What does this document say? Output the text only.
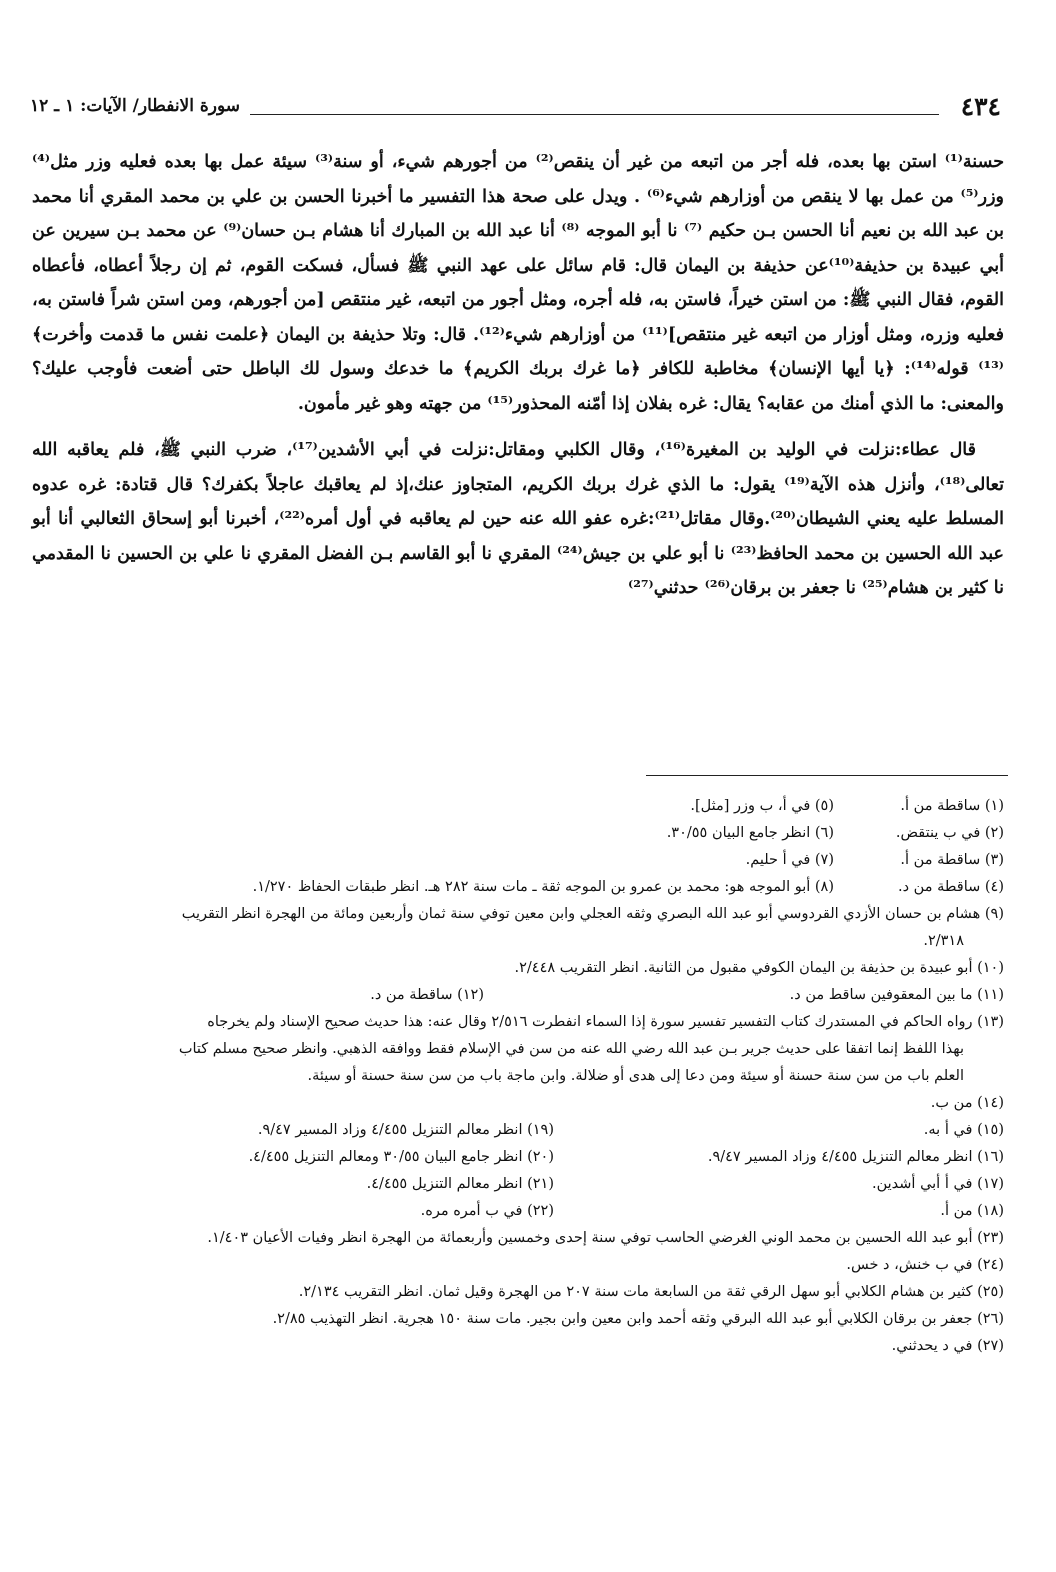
٤٣٤
سورة الانفطار/ الآيات: ١ ـ ١٢

حسنة⁽¹⁾ استن بها بعده، فله أجر من اتبعه من غير أن ينقص⁽²⁾ من أجورهم شيء، أو سنة⁽³⁾ سيئة عمل بها بعده فعليه وزر مثل⁽⁴⁾ وزر⁽⁵⁾ من عمل بها لا ينقص من أوزارهم شيء⁽⁶⁾ . ويدل على صحة هذا التفسير ما أخبرنا الحسن بن علي بن محمد المقري أنا محمد بن عبد الله بن نعيم أنا الحسن بـن حكيم ⁽⁷⁾ نا أبو الموجه ⁽⁸⁾ أنا عبد الله بن المبارك أنا هشام بـن حسان⁽⁹⁾ عن محمد بـن سيرين عن أبي عبيدة بن حذيفة⁽¹⁰⁾عن حذيفة بن اليمان قال: قام سائل على عهد النبي ﷺ فسأل، فسكت القوم، ثم إن رجلاً أعطاه، فأعطاه القوم، فقال النبي ﷺ: من استن خيراً، فاستن به، فله أجره، ومثل أجور من اتبعه، غير منتقص [من أجورهم، ومن استن شراً فاستن به، فعليه وزره، ومثل أوزار من اتبعه غير منتقص]⁽¹¹⁾ من أوزارهم شيء⁽¹²⁾. قال: وتلا حذيفة بن اليمان ﴿علمت نفس ما قدمت وأخرت﴾⁽¹³⁾ قوله⁽¹⁴⁾: ﴿يا أيها الإنسان﴾ مخاطبة للكافر ﴿ما غرك بربك الكريم﴾ ما خدعك وسول لك الباطل حتى أضعت فأوجب عليك؟ والمعنى: ما الذي أمنك من عقابه؟ يقال: غره بفلان إذا أمّنه المحذور⁽¹⁵⁾ من جهته وهو غير مأمون.

قال عطاء:نزلت في الوليد بن المغيرة⁽¹⁶⁾، وقال الكلبي ومقاتل:نزلت في أبي الأشدين⁽¹⁷⁾، ضرب النبي ﷺ، فلم يعاقبه الله تعالى⁽¹⁸⁾، وأنزل هذه الآية⁽¹⁹⁾ يقول: ما الذي غرك بربك الكريم، المتجاوز عنك،إذ لم يعاقبك عاجلاً بكفرك؟ قال قتادة: غره عدوه المسلط عليه يعني الشيطان⁽²⁰⁾.وقال مقاتل⁽²¹⁾:غره عفو الله عنه حين لم يعاقبه في أول أمره⁽²²⁾، أخبرنا أبو إسحاق الثعالبي أنا أبو عبد الله الحسين بن محمد الحافظ⁽²³⁾ نا أبو علي بن جيش⁽²⁴⁾ المقري نا أبو القاسم بـن الفضل المقري نا علي بن الحسين نا المقدمي نا كثير بن هشام⁽²⁵⁾ نا جعفر بن برقان⁽²⁶⁾ حدثني⁽²⁷⁾

(١) ساقطة من أ.
(٥) في أ، ب وزر [مثل].
(٢) في ب ينتقض.
(٦) انظر جامع البيان ٣٠/٥٥.
(٣) ساقطة من أ.
(٧) في أ حليم.
(٤) ساقطة من د.
(٨) أبو الموجه هو: محمد بن عمرو بن الموجه ثقة ـ مات سنة ٢٨٢ هـ. انظر طبقات الحفاظ ١/٢٧٠.
(٩) هشام بن حسان الأزدي القردوسي أبو عبد الله البصري وثقه العجلي وابن معين توفي سنة ثمان وأربعين ومائة من الهجرة انظر التقريب
٢/٣١٨.
(١٠) أبو عبيدة بن حذيفة بن اليمان الكوفي مقبول من الثانية. انظر التقريب ٢/٤٤٨.
(١١) ما بين المعقوفين ساقط من د.
(١٢) ساقطة من د.
(١٣) رواه الحاكم في المستدرك كتاب التفسير تفسير سورة إذا السماء انفطرت ٢/٥١٦ وقال عنه: هذا حديث صحيح الإسناد ولم يخرجاه
بهذا اللفظ إنما اتفقا على حديث جرير بـن عبد الله رضي الله عنه من سن في الإسلام فقط ووافقه الذهبي. وانظر صحيح مسلم كتاب
العلم باب من سن سنة حسنة أو سيئة ومن دعا إلى هدى أو ضلالة. وابن ماجة باب من سن سنة حسنة أو سيئة.
(١٤) من ب.
(١٥) في أ به.
(١٩) انظر معالم التنزيل ٤/٤٥٥ وزاد المسير ٩/٤٧.
(١٦) انظر معالم التنزيل ٤/٤٥٥ وزاد المسير ٩/٤٧.
(٢٠) انظر جامع البيان ٣٠/٥٥ ومعالم التنزيل ٤/٤٥٥.
(١٧) في أ أبي أشدين.
(٢١) انظر معالم التنزيل ٤/٤٥٥.
(١٨) من أ.
(٢٢) في ب أمره مره.
(٢٣) أبو عبد الله الحسين بن محمد الوني الغرضي الحاسب توفي سنة إحدى وخمسين وأربعمائة من الهجرة انظر وفيات الأعيان ١/٤٠٣.
(٢٤) في ب خنش، د خس.
(٢٥) كثير بن هشام الكلابي أبو سهل الرقي ثقة من السابعة مات سنة ٢٠٧ من الهجرة وقيل ثمان. انظر التقريب ٢/١٣٤.
(٢٦) جعفر بن برقان الكلابي أبو عبد الله البرقي وثقه أحمد وابن معين وابن بجير. مات سنة ١٥٠ هجرية. انظر التهذيب ٢/٨٥.
(٢٧) في د يحدثني.
